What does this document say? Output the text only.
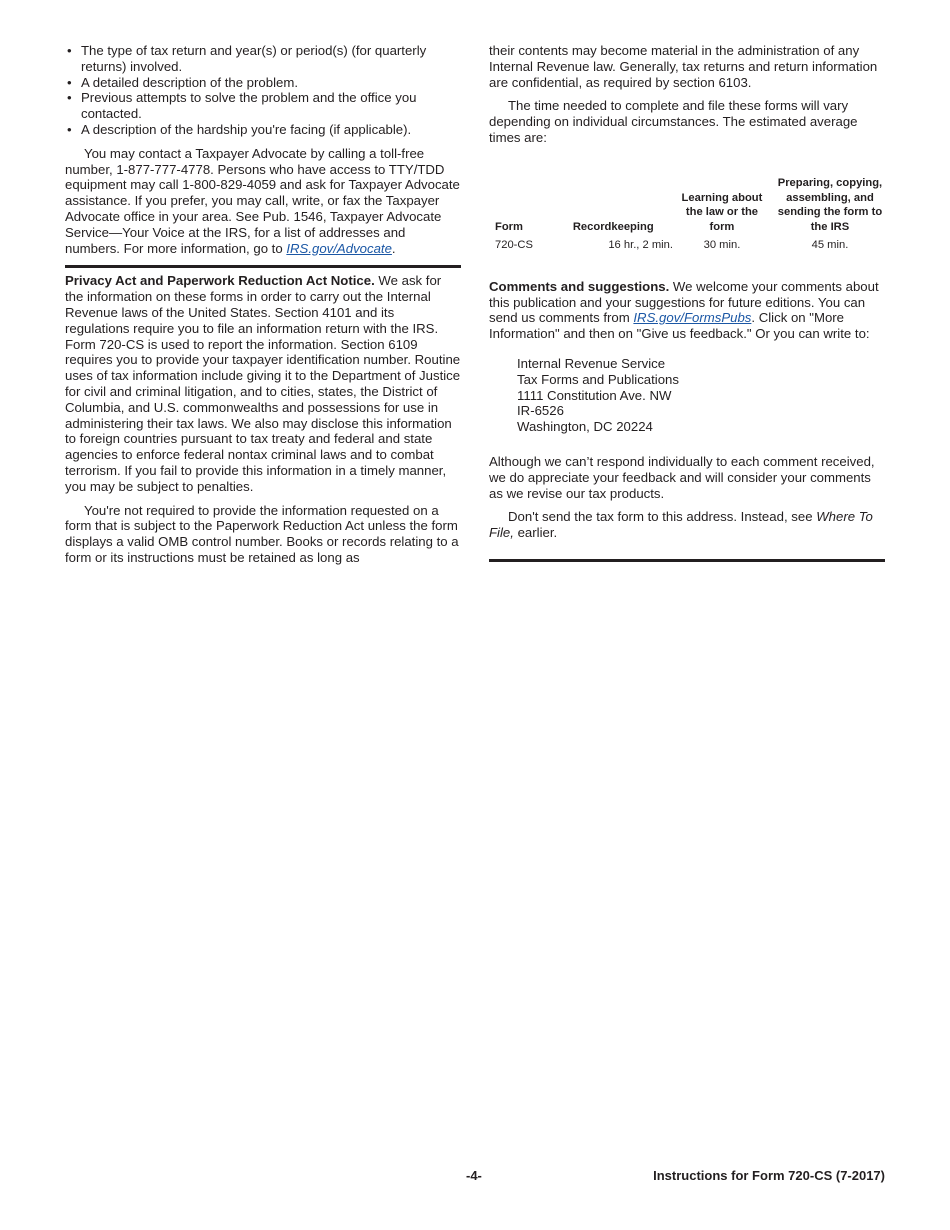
• The type of tax return and year(s) or period(s) (for quarterly returns) involved.
• A detailed description of the problem.
• Previous attempts to solve the problem and the office you contacted.
• A description of the hardship you're facing (if applicable).

You may contact a Taxpayer Advocate by calling a toll-free number, 1-877-777-4778. Persons who have access to TTY/TDD equipment may call 1-800-829-4059 and ask for Taxpayer Advocate assistance. If you prefer, you may call, write, or fax the Taxpayer Advocate office in your area. See Pub. 1546, Taxpayer Advocate Service—Your Voice at the IRS, for a list of addresses and numbers. For more information, go to IRS.gov/Advocate.

Privacy Act and Paperwork Reduction Act Notice. We ask for the information on these forms in order to carry out the Internal Revenue laws of the United States. Section 4101 and its regulations require you to file an information return with the IRS. Form 720-CS is used to report the information. Section 6109 requires you to provide your taxpayer identification number. Routine uses of tax information include giving it to the Department of Justice for civil and criminal litigation, and to cities, states, the District of Columbia, and U.S. commonwealths and possessions for use in administering their tax laws. We also may disclose this information to foreign countries pursuant to tax treaty and federal and state agencies to enforce federal nontax criminal laws and to combat terrorism. If you fail to provide this information in a timely manner, you may be subject to penalties.

You're not required to provide the information requested on a form that is subject to the Paperwork Reduction Act unless the form displays a valid OMB control number. Books or records relating to a form or its instructions must be retained as long as

their contents may become material in the administration of any Internal Revenue law. Generally, tax returns and return information are confidential, as required by section 6103.

The time needed to complete and file these forms will vary depending on individual circumstances. The estimated average times are:

Form	Recordkeeping	Learning about the law or the form	Preparing, copying, assembling, and sending the form to the IRS
720-CS	16 hr., 2 min.	30 min.	45 min.

Comments and suggestions. We welcome your comments about this publication and your suggestions for future editions. You can send us comments from IRS.gov/FormsPubs. Click on "More Information" and then on "Give us feedback." Or you can write to:

Internal Revenue Service
Tax Forms and Publications
1111 Constitution Ave. NW
IR-6526
Washington, DC 20224

Although we can’t respond individually to each comment received, we do appreciate your feedback and will consider your comments as we revise our tax products.

Don't send the tax form to this address. Instead, see Where To File, earlier.

-4-	Instructions for Form 720-CS (7-2017)
